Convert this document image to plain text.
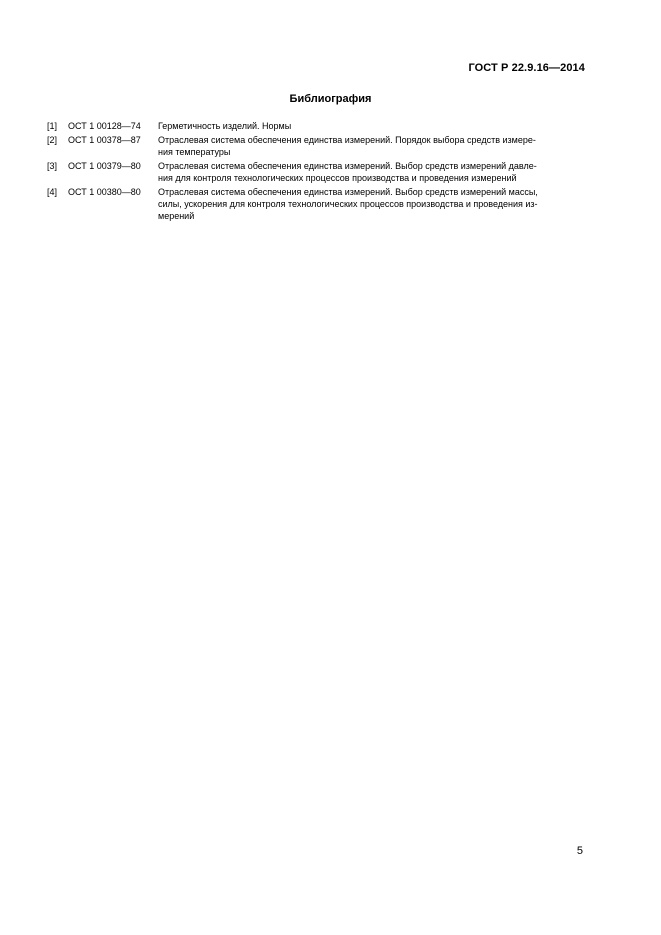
ГОСТ Р 22.9.16—2014
Библиография
[1]	ОСТ 1 00128—74	Герметичность изделий. Нормы
[2]	ОСТ 1 00378—87	Отраслевая система обеспечения единства измерений. Порядок выбора средств измере-
ния температуры
[3]	ОСТ 1 00379—80	Отраслевая система обеспечения единства измерений. Выбор средств измерений давле-
ния для контроля технологических процессов производства и проведения измерений
[4]	ОСТ 1 00380—80	Отраслевая система обеспечения единства измерений. Выбор средств измерений массы,
силы, ускорения для контроля технологических процессов производства и проведения из-
мерений
5
